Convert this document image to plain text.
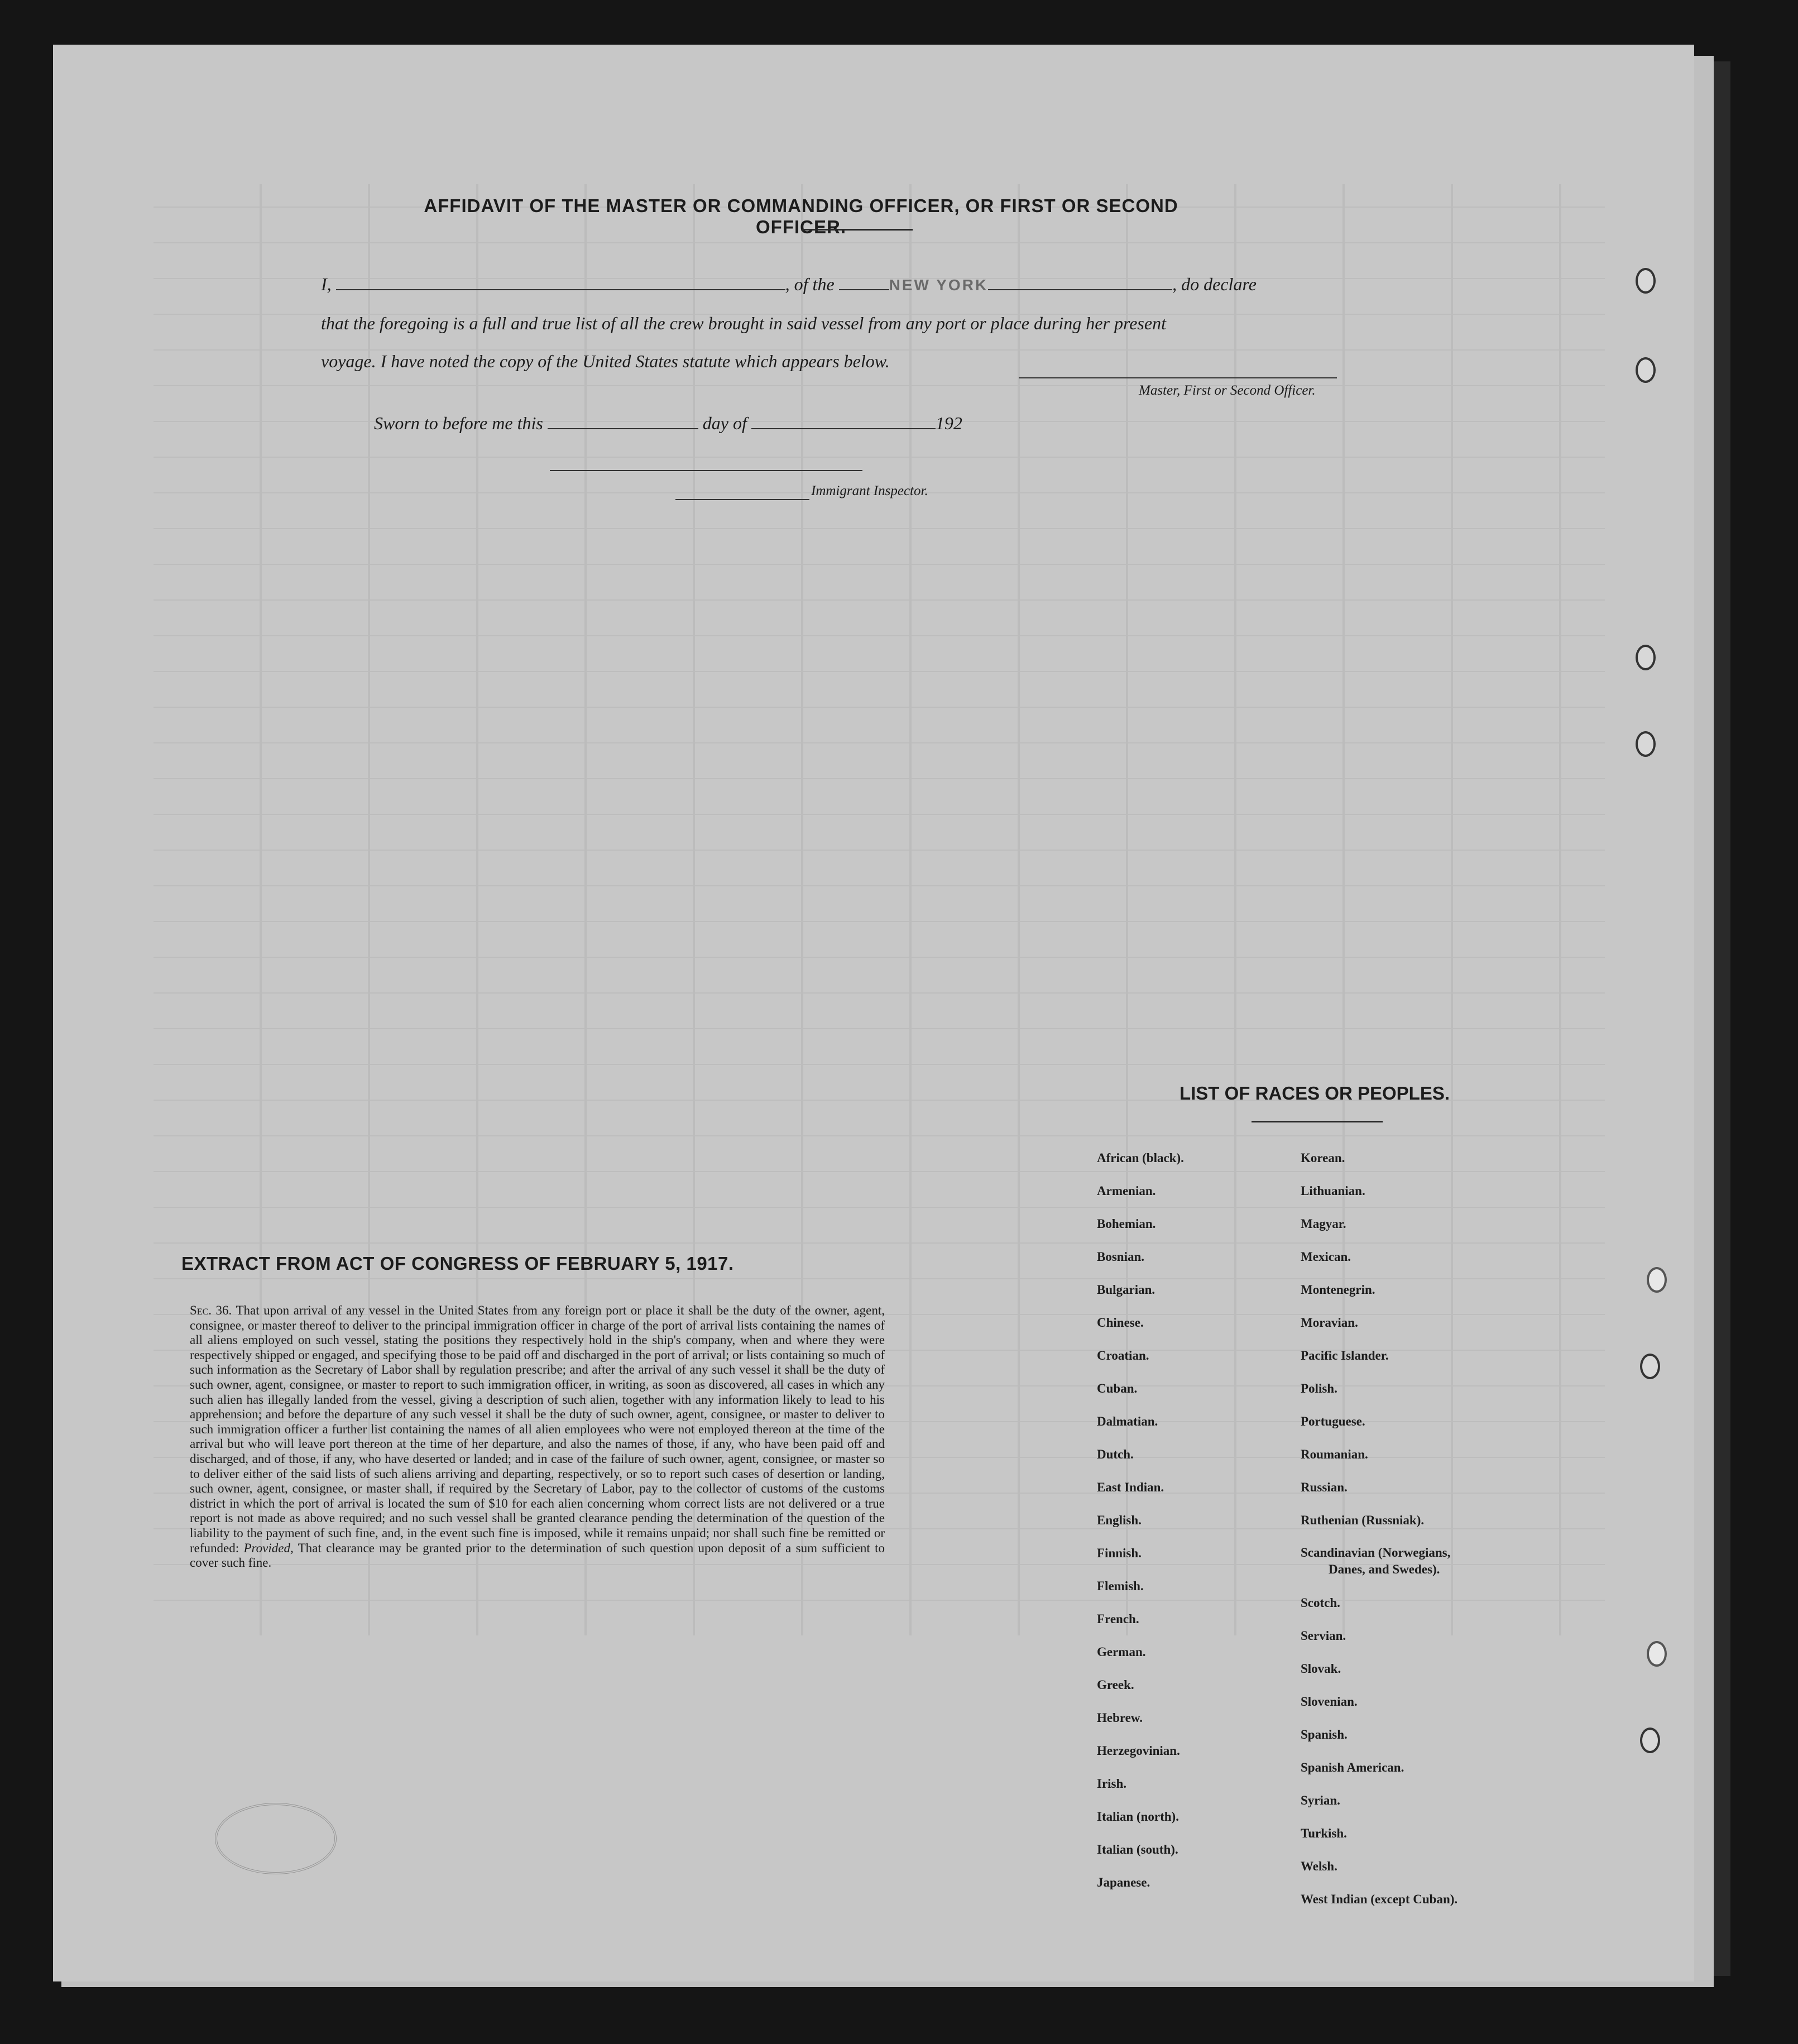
AFFIDAVIT OF THE MASTER OR COMMANDING OFFICER, OR FIRST OR SECOND OFFICER.
I,	, of the	NEW YORK	, do declare
that the foregoing is a full and true list of all the crew brought in said vessel from any port or place during her present
voyage. I have noted the copy of the United States statute which appears below.
Master, First or Second Officer.
Sworn to before me this	day of	192
Immigrant Inspector.
EXTRACT FROM ACT OF CONGRESS OF FEBRUARY 5, 1917.
Sec. 36. That upon arrival of any vessel in the United States from any foreign port or place it shall be the duty of the owner, agent, consignee, or master thereof to deliver to the principal immigration officer in charge of the port of arrival lists containing the names of all aliens employed on such vessel, stating the positions they respectively hold in the ship's company, when and where they were respectively shipped or engaged, and specifying those to be paid off and discharged in the port of arrival; or lists containing so much of such information as the Secretary of Labor shall by regulation prescribe; and after the arrival of any such vessel it shall be the duty of such owner, agent, consignee, or master to report to such immigration officer, in writing, as soon as discovered, all cases in which any such alien has illegally landed from the vessel, giving a description of such alien, together with any information likely to lead to his apprehension; and before the departure of any such vessel it shall be the duty of such owner, agent, consignee, or master to deliver to such immigration officer a further list containing the names of all alien employees who were not employed thereon at the time of the arrival but who will leave port thereon at the time of her departure, and also the names of those, if any, who have been paid off and discharged, and of those, if any, who have deserted or landed; and in case of the failure of such owner, agent, consignee, or master so to deliver either of the said lists of such aliens arriving and departing, respectively, or so to report such cases of desertion or landing, such owner, agent, consignee, or master shall, if required by the Secretary of Labor, pay to the collector of customs of the customs district in which the port of arrival is located the sum of $10 for each alien concerning whom correct lists are not delivered or a true report is not made as above required; and no such vessel shall be granted clearance pending the determination of the question of the liability to the payment of such fine, and, in the event such fine is imposed, while it remains unpaid; nor shall such fine be remitted or refunded: Provided, That clearance may be granted prior to the determination of such question upon deposit of a sum sufficient to cover such fine.
LIST OF RACES OR PEOPLES.
African (black).
Armenian.
Bohemian.
Bosnian.
Bulgarian.
Chinese.
Croatian.
Cuban.
Dalmatian.
Dutch.
East Indian.
English.
Finnish.
Flemish.
French.
German.
Greek.
Hebrew.
Herzegovinian.
Irish.
Italian (north).
Italian (south).
Japanese.
Korean.
Lithuanian.
Magyar.
Mexican.
Montenegrin.
Moravian.
Pacific Islander.
Polish.
Portuguese.
Roumanian.
Russian.
Ruthenian (Russniak).
Scandinavian (Norwegians,
Danes, and Swedes).
Scotch.
Servian.
Slovak.
Slovenian.
Spanish.
Spanish American.
Syrian.
Turkish.
Welsh.
West Indian (except Cuban).
